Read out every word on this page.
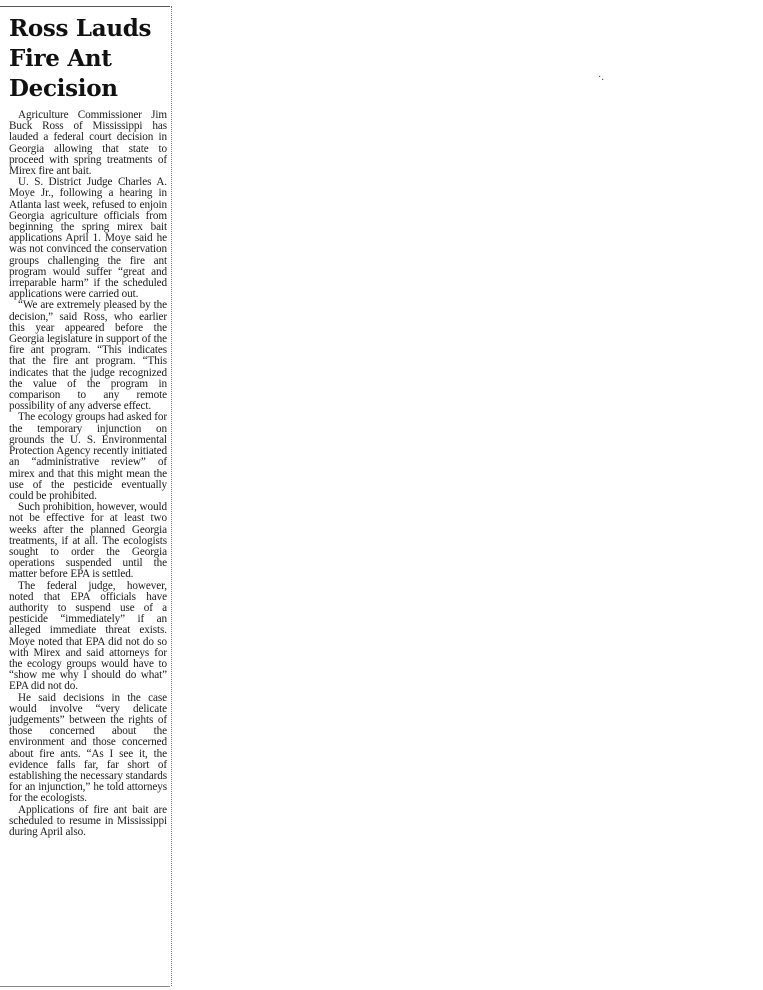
·.
Ross Lauds
Fire Ant
Decision

Agriculture Commissioner Jim Buck Ross of Mississippi has lauded a federal court decision in Georgia allowing that state to proceed with spring treatments of Mirex fire ant bait.

U. S. District Judge Charles A. Moye Jr., following a hearing in Atlanta last week, refused to enjoin Georgia agriculture officials from beginning the spring mirex bait applications April 1. Moye said he was not convinced the conservation groups challenging the fire ant program would suffer “great and irreparable harm” if the scheduled applications were carried out.

“We are extremely pleased by the decision,” said Ross, who earlier this year appeared before the Georgia legislature in support of the fire ant program. “This indicates that the fire ant program. “This indicates that the judge recognized the value of the program in comparison to any remote possibility of any adverse effect.

The ecology groups had asked for the temporary injunction on grounds the U. S. Environmental Protection Agency recently initiated an “administrative review” of mirex and that this might mean the use of the pesticide eventually could be prohibited.

Such prohibition, however, would not be effective for at least two weeks after the planned Georgia treatments, if at all. The ecologists sought to order the Georgia operations suspended until the matter before EPA is settled.

The federal judge, however, noted that EPA officials have authority to suspend use of a pesticide “immediately” if an alleged immediate threat exists. Moye noted that EPA did not do so with Mirex and said attorneys for the ecology groups would have to “show me why I should do what” EPA did not do.

He said decisions in the case would involve “very delicate judgements” between the rights of those concerned about the environment and those concerned about fire ants. “As I see it, the evidence falls far, far short of establishing the necessary standards for an injunction,” he told attorneys for the ecologists.

Applications of fire ant bait are scheduled to resume in Mississippi during April also.
